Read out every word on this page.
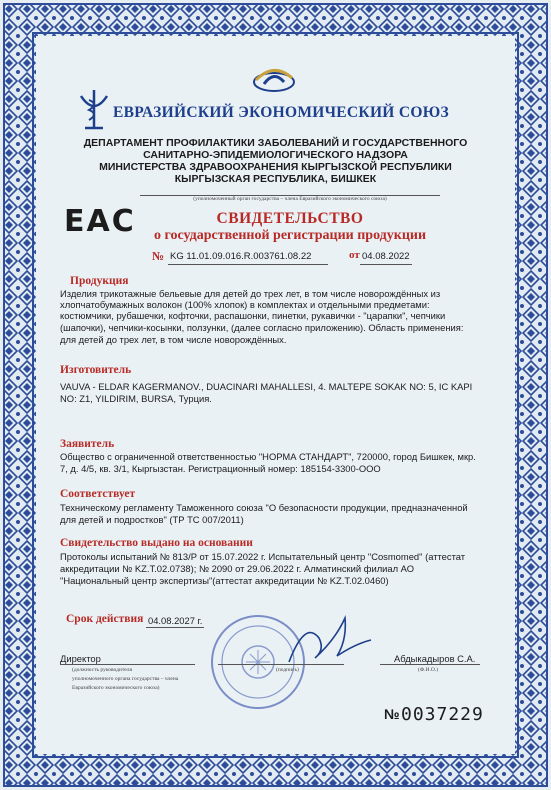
ЕВРАЗИЙСКИЙ ЭКОНОМИЧЕСКИЙ СОЮЗ
ДЕПАРТАМЕНТ ПРОФИЛАКТИКИ ЗАБОЛЕВАНИЙ И ГОСУДАРСТВЕННОГО
САНИТАРНО-ЭПИДЕМИОЛОГИЧЕСКОГО НАДЗОРА
МИНИСТЕРСТВА ЗДРАВООХРАНЕНИЯ КЫРГЫЗСКОЙ РЕСПУБЛИКИ
КЫРГЫЗСКАЯ РЕСПУБЛИКА, БИШКЕК
(уполномоченный орган государства – члена Евразийского экономического союза)
EAC	СВИДЕТЕЛЬСТВО
о государственной регистрации продукции
№ KG 11.01.09.016.R.003761.08.22	от 04.08.2022
Продукция
Изделия трикотажные бельевые для детей до трех лет, в том числе новорождённых из
хлопчатобумажных волокон (100% хлопок) в комплектах и отдельными предметами:
костюмчики, рубашечки, кофточки, распашонки, пинетки, рукавички - "царапки", чепчики
(шапочки), чепчики-косынки, ползунки, (далее согласно приложению). Область применения:
для детей до трех лет, в том числе новорождённых.
Изготовитель
VAUVA - ELDAR KAGERMANOV., DUACINARI MAHALLESI, 4. MALTEPE SOKAK NO: 5, IC KAPI
NO: Z1, YILDIRIM, BURSA, Турция.
Заявитель
Общество с ограниченной ответственностью "НОРМА СТАНДАРТ", 720000, город Бишкек, мкр.
7, д. 4/5, кв. 3/1, Кыргызстан. Регистрационный номер: 185154-3300-ООО
Соответствует
Техническому регламенту Таможенного союза "О безопасности продукции, предназначенной
для детей и подростков" (ТР ТС 007/2011)
Свидетельство выдано на основании
Протоколы испытаний № 813/Р от 15.07.2022 г. Испытательный центр "Cosmomed" (аттестат
аккредитации № KZ.T.02.0738); № 2090 от 29.06.2022 г. Алматинский филиал АО
"Национальный центр экспертизы"(аттестат аккредитации № KZ.T.02.0460)
Срок действия 04.08.2027 г.
Директор	Абдыкадыров С.А.
(должность руководителя
уполномоченного органа государства – члена
Евразийского экономического союза)
(подпись)	(Ф.И.О.)
№ 0037229
